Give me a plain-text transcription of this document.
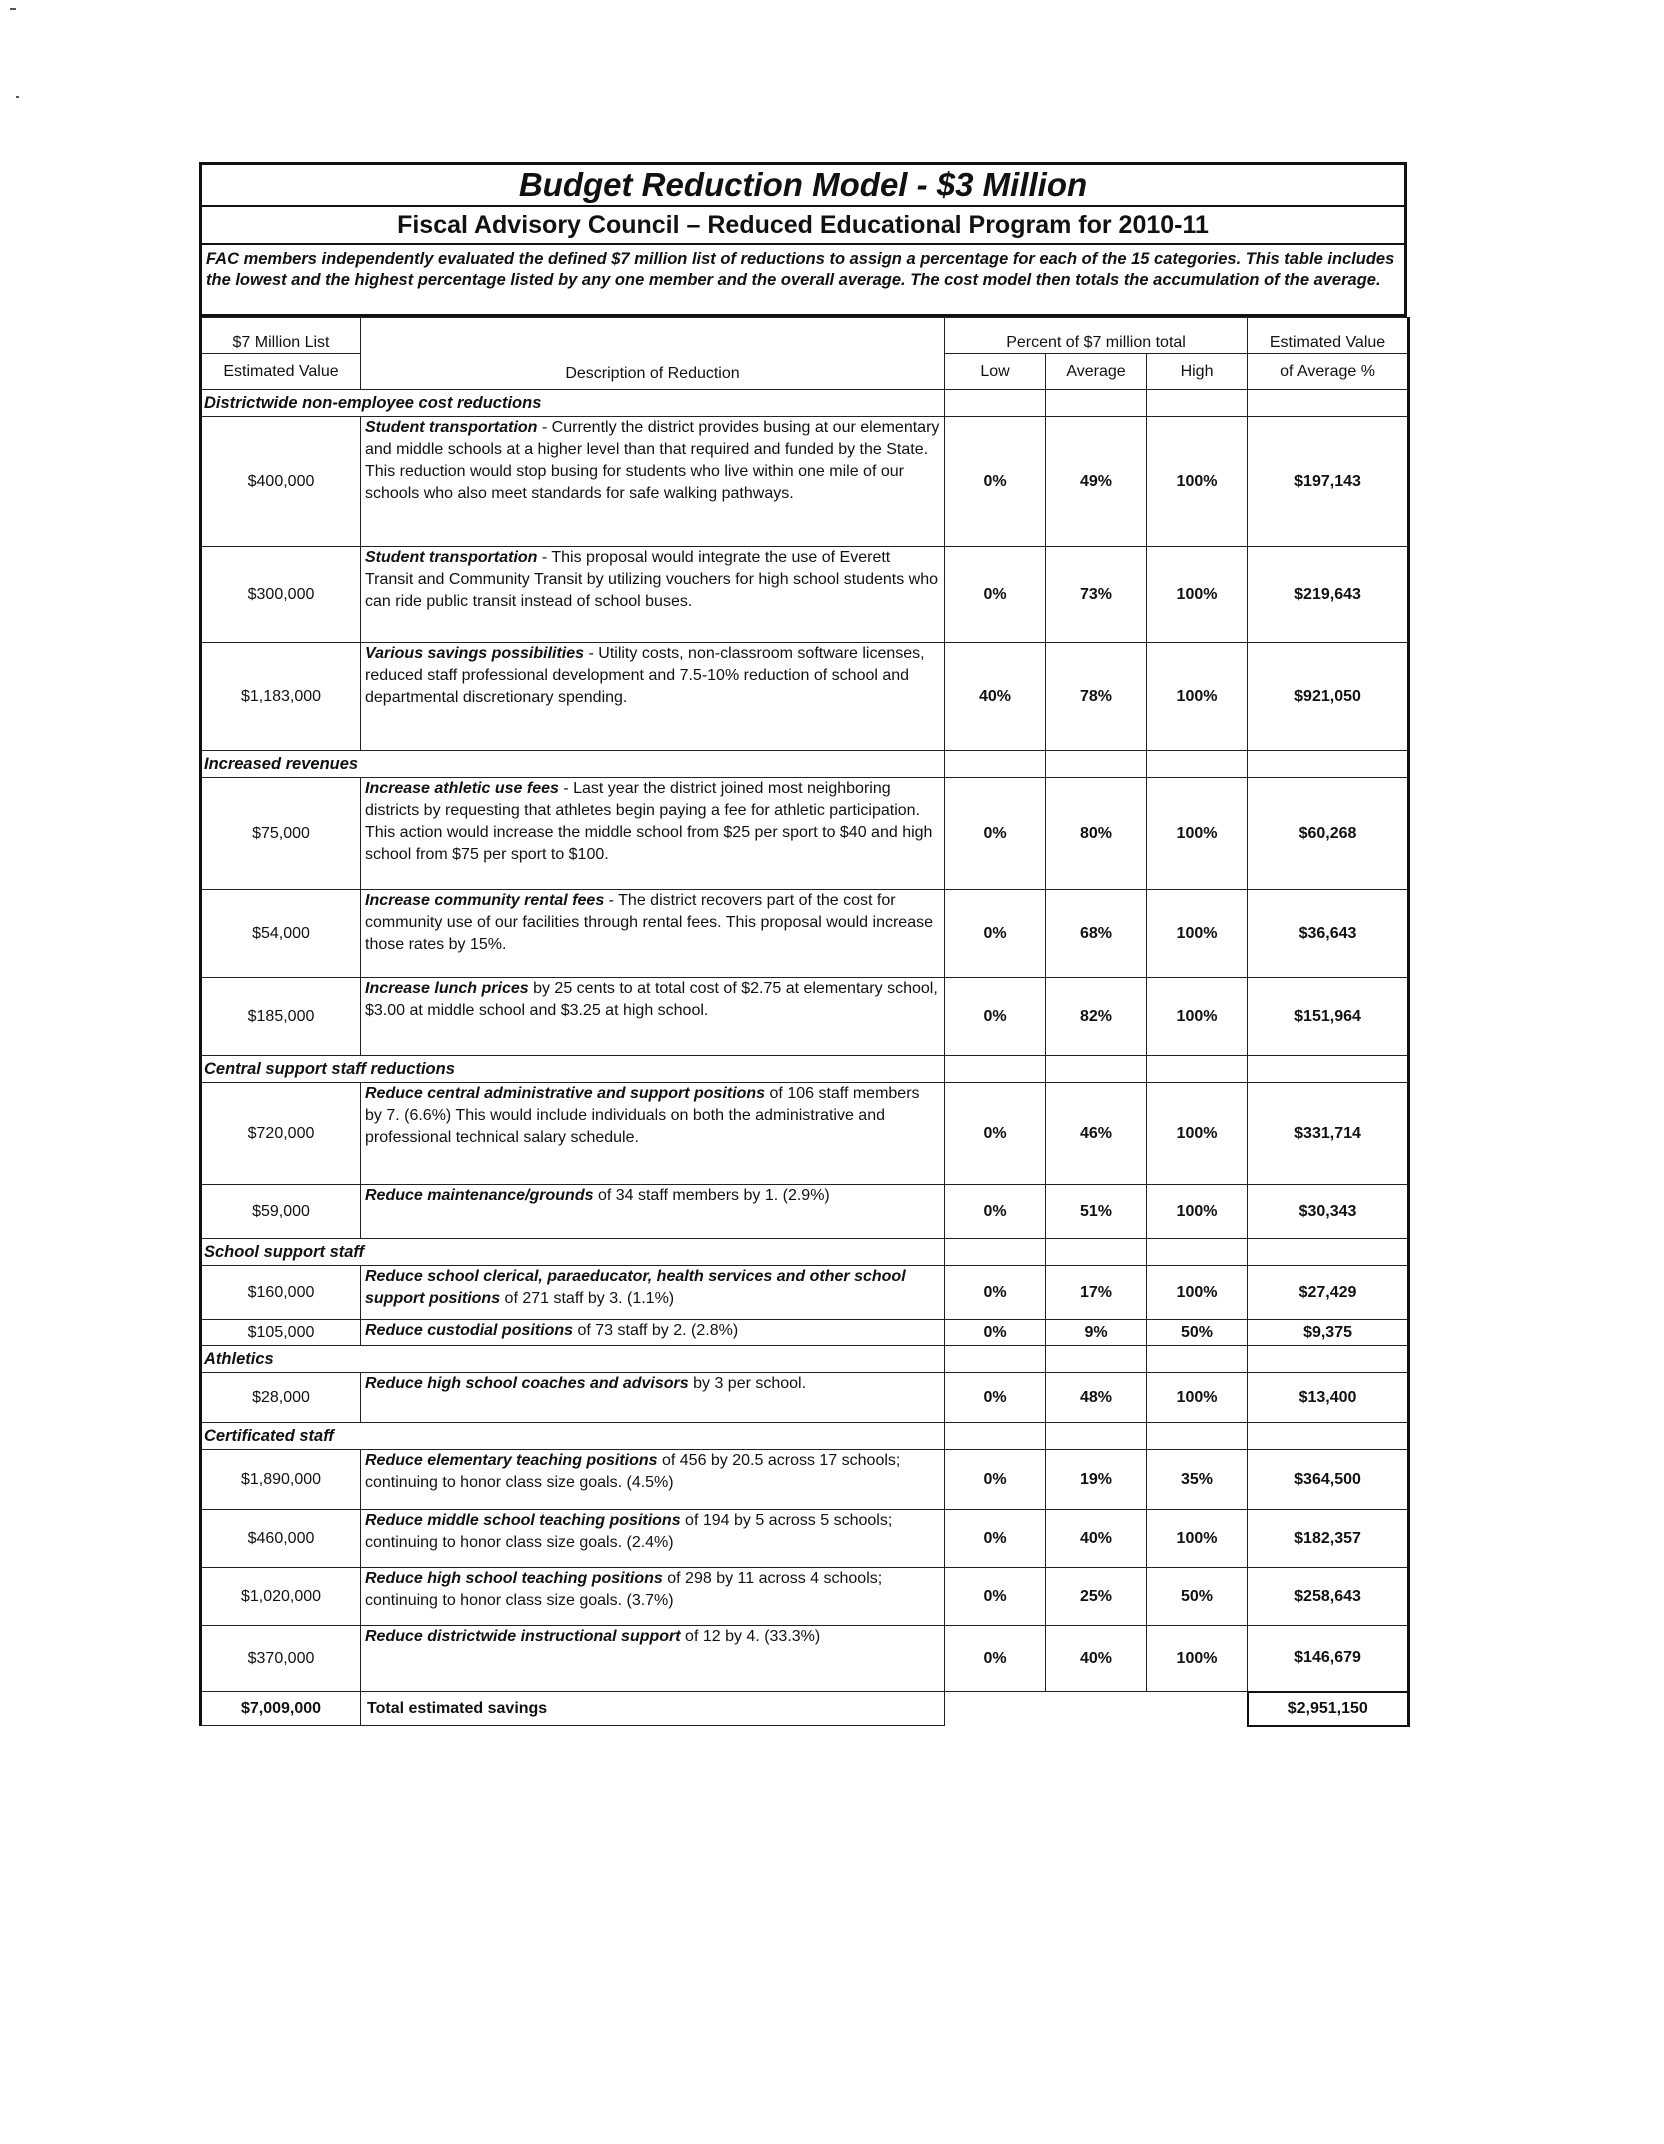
Budget Reduction Model - $3 Million
Fiscal Advisory Council – Reduced Educational Program for 2010-11
FAC members independently evaluated the defined $7 million list of reductions to assign a percentage for each of the 15 categories. This table includes the lowest and the highest percentage listed by any one member and the overall average. The cost model then totals the accumulation of the average.
$7 Million List	Description of Reduction	Percent of $7 million total			Estimated Value
Estimated Value		Low	Average	High	of Average %
Districtwide non-employee cost reductions					
$400,000	Student transportation - Currently the district provides busing at our elementary and middle schools at a higher level than that required and funded by the State. This reduction would stop busing for students who live within one mile of our schools who also meet standards for safe walking pathways.	0%	49%	100%	$197,143
$300,000	Student transportation - This proposal would integrate the use of Everett Transit and Community Transit by utilizing vouchers for high school students who can ride public transit instead of school buses.	0%	73%	100%	$219,643
$1,183,000	Various savings possibilities - Utility costs, non-classroom software licenses, reduced staff professional development and 7.5-10% reduction of school and departmental discretionary spending.	40%	78%	100%	$921,050
Increased revenues					
$75,000	Increase athletic use fees - Last year the district joined most neighboring districts by requesting that athletes begin paying a fee for athletic participation. This action would increase the middle school from $25 per sport to $40 and high school from $75 per sport to $100.	0%	80%	100%	$60,268
$54,000	Increase community rental fees - The district recovers part of the cost for community use of our facilities through rental fees. This proposal would increase those rates by 15%.	0%	68%	100%	$36,643
$185,000	Increase lunch prices by 25 cents to at total cost of $2.75 at elementary school, $3.00 at middle school and $3.25 at high school.	0%	82%	100%	$151,964
Central support staff reductions					
$720,000	Reduce central administrative and support positions of 106 staff members by 7. (6.6%) This would include individuals on both the administrative and professional technical salary schedule.	0%	46%	100%	$331,714
$59,000	Reduce maintenance/grounds of 34 staff members by 1. (2.9%)	0%	51%	100%	$30,343
School support staff					
$160,000	Reduce school clerical, paraeducator, health services and other school support positions of 271 staff by 3. (1.1%)	0%	17%	100%	$27,429
$105,000	Reduce custodial positions of 73 staff by 2. (2.8%)	0%	9%	50%	$9,375
Athletics					
$28,000	Reduce high school coaches and advisors by 3 per school.	0%	48%	100%	$13,400
Certificated staff					
$1,890,000	Reduce elementary teaching positions of 456 by 20.5 across 17 schools; continuing to honor class size goals. (4.5%)	0%	19%	35%	$364,500
$460,000	Reduce middle school teaching positions of 194 by 5 across 5 schools; continuing to honor class size goals. (2.4%)	0%	40%	100%	$182,357
$1,020,000	Reduce high school teaching positions of 298 by 11 across 4 schools; continuing to honor class size goals. (3.7%)	0%	25%	50%	$258,643
$370,000	Reduce districtwide instructional support of 12 by 4. (33.3%)	0%	40%	100%	$146,679
$7,009,000	Total estimated savings				$2,951,150
